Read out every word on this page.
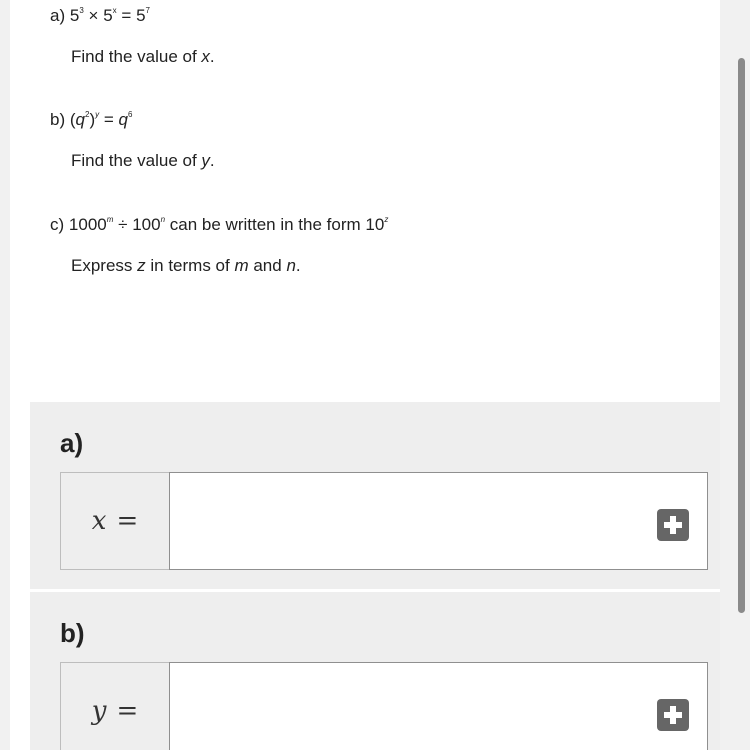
a) $5^3 \times 5^x = 5^7$
Find the value of x.
b) $(q^2)^y = q^6$
Find the value of y.
c) $1000^m \div 100^n$ can be written in the form 10$^z$
Express z in terms of m and n.
a)
x =
b)
y =
